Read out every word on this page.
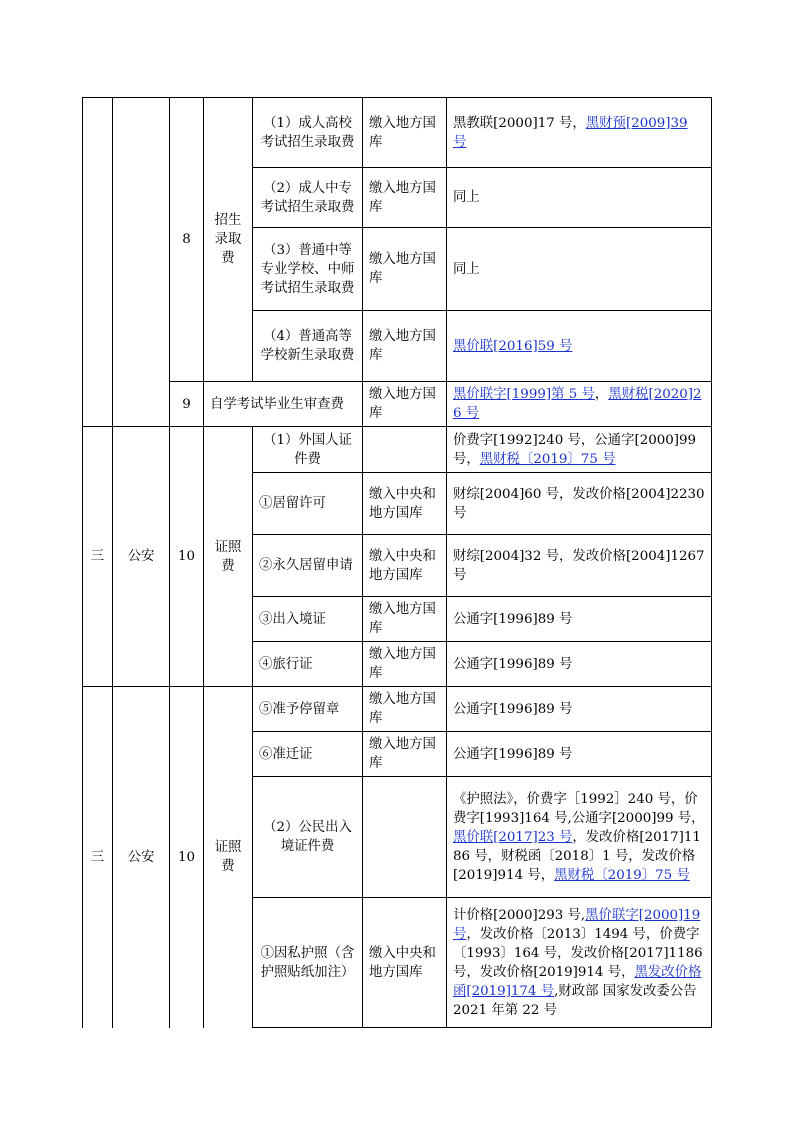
		8	招生录取费	（1）成人高校考试招生录取费	缴入地方国库	黑教联[2000]17 号，黑财预[2009]39 号
				（2）成人中专考试招生录取费	缴入地方国库	同上
				（3）普通中等专业学校、中师考试招生录取费	缴入地方国库	同上
				（4）普通高等学校新生录取费	缴入地方国库	黑价联[2016]59 号
		9	自学考试毕业生审查费		缴入地方国库	黑价联字[1999]第 5 号，黑财税[2020]26 号
三	公安	10	证照费	（1）外国人证件费		价费字[1992]240 号，公通字[2000]99 号，黑财税〔2019〕75 号
				①居留许可	缴入中央和地方国库	财综[2004]60 号，发改价格[2004]2230 号
				②永久居留申请	缴入中央和地方国库	财综[2004]32 号，发改价格[2004]1267 号
				③出入境证	缴入地方国库	公通字[1996]89 号
				④旅行证	缴入地方国库	公通字[1996]89 号
三	公安	10	证照费	⑤准予停留章	缴入地方国库	公通字[1996]89 号
				⑥准迁证	缴入地方国库	公通字[1996]89 号
				（2）公民出入境证件费		《护照法》，价费字［1992］240 号，价费字[1993]164 号,公通字[2000]99 号，黑价联[2017]23 号，发改价格[2017]1186 号，财税函〔2018〕1 号，发改价格[2019]914 号，黑财税〔2019〕75 号
				①因私护照（含护照贴纸加注）	缴入中央和地方国库	计价格[2000]293 号,黑价联字[2000]19 号，发改价格〔2013〕1494 号，价费字〔1993〕164 号，发改价格[2017]1186 号，发改价格[2019]914 号，黑发改价格函[2019]174 号,财政部 国家发改委公告 2021 年第 22 号
